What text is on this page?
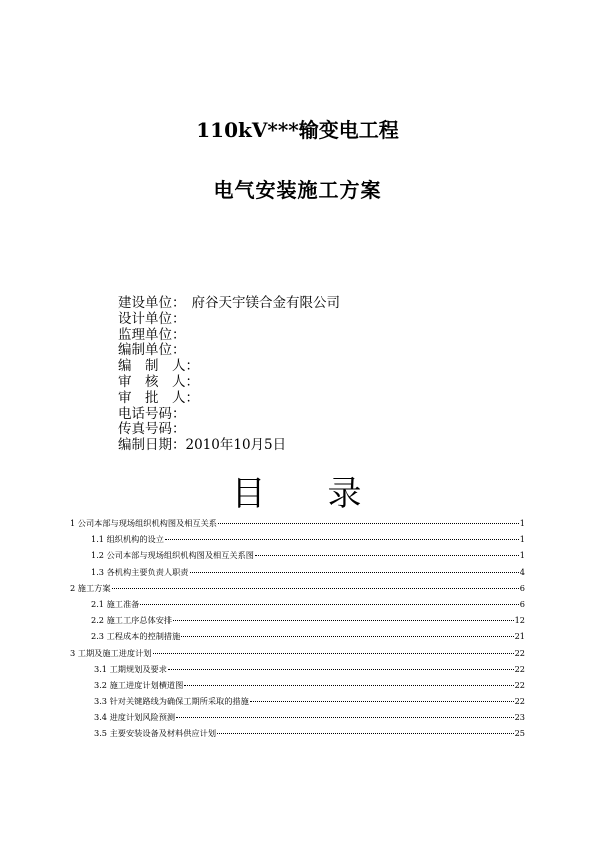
110kV***输变电工程
电气安装施工方案
建设单位： 府谷天宇镁合金有限公司
设计单位：
监理单位：
编制单位：
编　制　人：
审　核　人：
审　批　人：
电话号码：
传真号码：
编制日期：2010年10月5日
目 录
1 公司本部与现场组织机构图及相互关系	1
1.1 组织机构的设立	1
1.2 公司本部与现场组织机构图及相互关系图	1
1.3 各机构主要负责人职责	4
2 施工方案	6
2.1 施工准备	6
2.2 施工工序总体安排	12
2.3 工程成本的控制措施	21
3 工期及施工进度计划	22
3.1 工期规划及要求	22
3.2 施工进度计划横道图	22
3.3 针对关键路线为确保工期所采取的措施	22
3.4 进度计划风险预测	23
3.5 主要安装设备及材料供应计划	25
